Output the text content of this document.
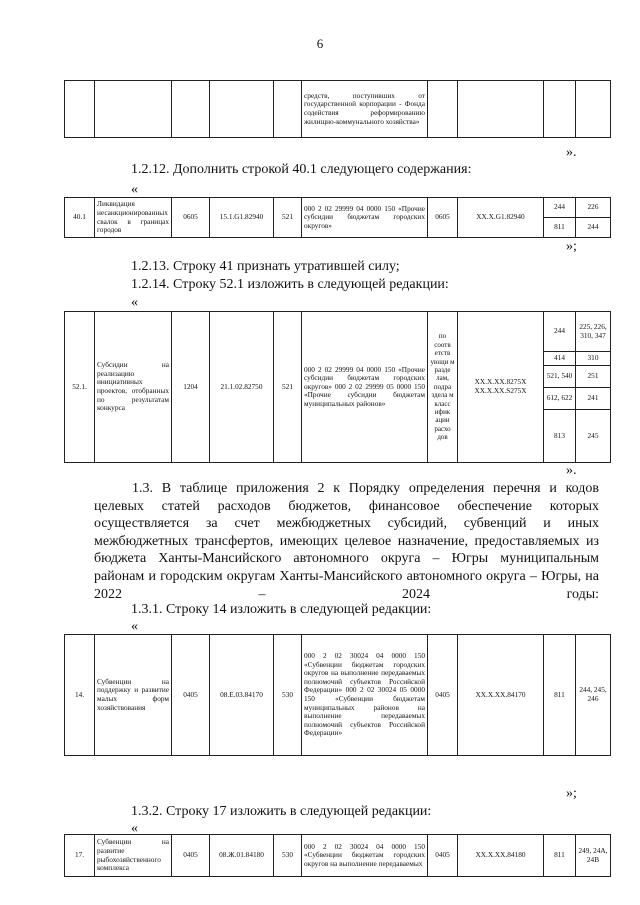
6
					средств, поступивших от государственной корпорации - Фонда содействия реформированию жилищно-коммунального хозяйства»				
».
1.2.12. Дополнить строкой 40.1 следующего содержания:
«
40.1	Ликвидация несанкционированных свалок в границах городов	0605	15.1.G1.82940	521	000 2 02 29999 04 0000 150 «Прочие субсидии бюджетам городских округов»	0605	ХХ.Х.G1.82940	244	226
								811	244
»;
1.2.13. Строку 41 признать утратившей силу;
1.2.14. Строку 52.1 изложить в следующей редакции:
«
52.1.	Субсидии на реализацию инициативных проектов, отобранных по результатам конкурса	1204	21.1.02.82750	521	000 2 02 29999 04 0000 150 «Прочие субсидии бюджетам городских округов» 000 2 02 29999 05 0000 150 «Прочие субсидии бюджетам муниципальных районов»	по соотв етств ующи м разде лам, подра здела м класс ифик ации расхо дов	ХХ.Х.ХХ.8275Х ХХ.Х.ХХ.S275Х	244	225, 226, 310, 347
								414	310
								521, 540	251
								612, 622	241
								813	245
».
1.3. В таблице приложения 2 к Порядку определения перечня и кодов целевых статей расходов бюджетов, финансовое обеспечение которых осуществляется за счет межбюджетных субсидий, субвенций и иных межбюджетных трансфертов, имеющих целевое назначение, предоставляемых из бюджета Ханты-Мансийского автономного округа – Югры муниципальным районам и городским округам Ханты-Мансийского автономного округа – Югры, на 2022 – 2024 годы:
1.3.1. Строку 14 изложить в следующей редакции:
«
14.	Субвенции на поддержку и развитие малых форм хозяйствования	0405	08.Е.03.84170	530	000 2 02 30024 04 0000 150 «Субвенции бюджетам городских округов на выполнение передаваемых полномочий субъектов Российской Федерации» 000 2 02 30024 05 0000 150 «Субвенции бюджетам муниципальных районов на выполнение передаваемых полномочий субъектов Российской Федерации»	0405	ХХ.Х.ХХ.84170	811	244, 245, 246
»;
1.3.2. Строку 17 изложить в следующей редакции:
«
17.	Субвенции на развитие рыбохозяйственного комплекса	0405	08.Ж.01.84180	530	000 2 02 30024 04 0000 150 «Субвенции бюджетам городских округов на выполнение передаваемых	0405	ХХ.Х.ХХ.84180	811	249, 24А, 24В
